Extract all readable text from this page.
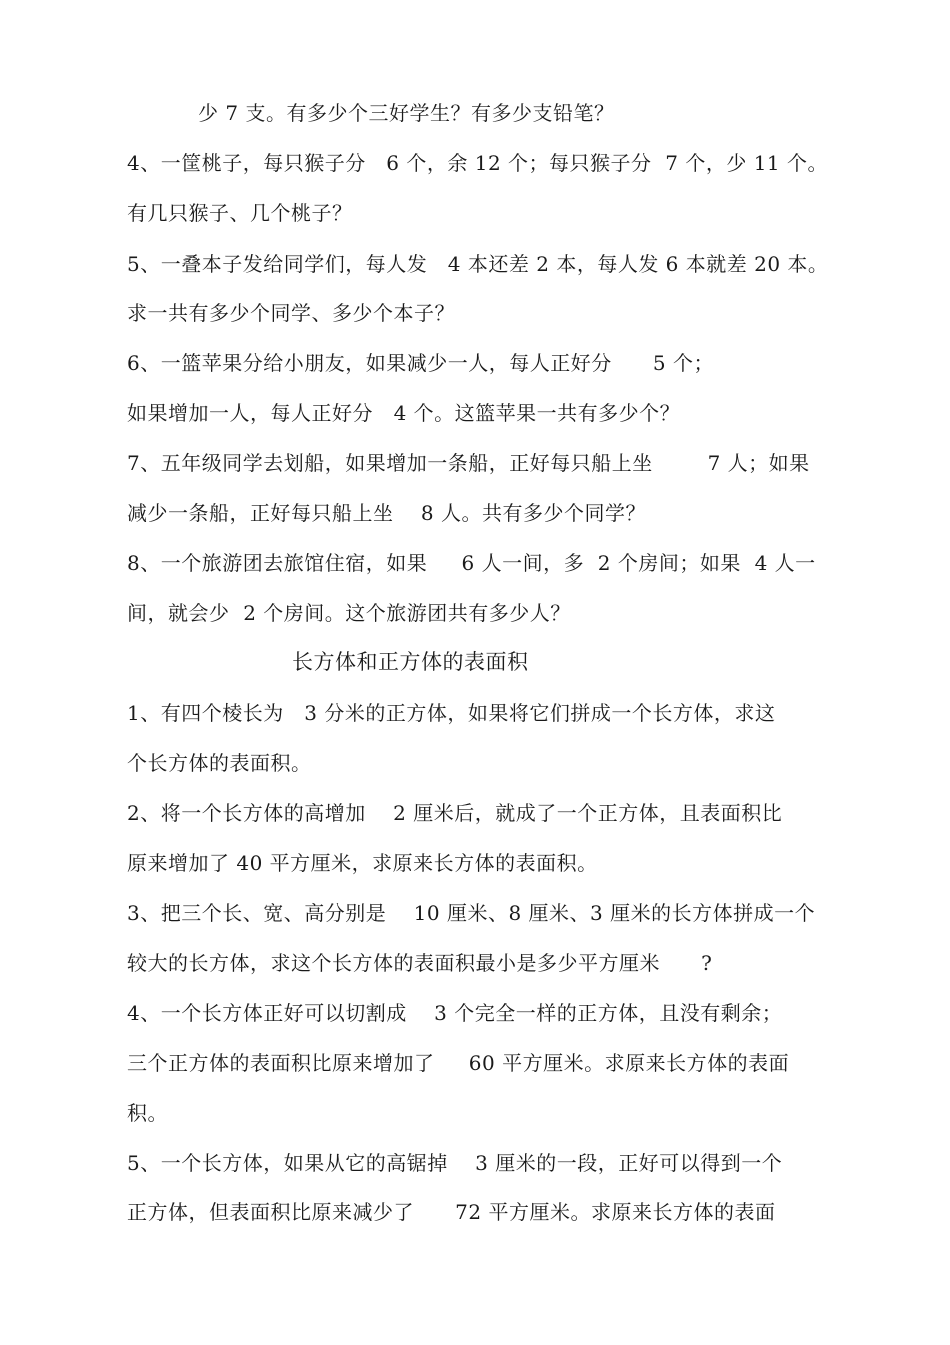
少 7 支。有多少个三好学生？有多少支铅笔？
4、一筐桃子，每只猴子分   6 个，余 12 个；每只猴子分  7 个，少 11 个。
有几只猴子、几个桃子？
5、一叠本子发给同学们，每人发   4 本还差 2 本，每人发 6 本就差 20 本。
求一共有多少个同学、多少个本子？
6、一篮苹果分给小朋友，如果减少一人，每人正好分      5 个；
如果增加一人，每人正好分   4 个。这篮苹果一共有多少个？
7、五年级同学去划船，如果增加一条船，正好每只船上坐        7 人；如果
减少一条船，正好每只船上坐    8 人。共有多少个同学？
8、一个旅游团去旅馆住宿，如果     6 人一间，多  2 个房间；如果  4 人一
间，就会少  2 个房间。这个旅游团共有多少人？
长方体和正方体的表面积
1、有四个棱长为   3 分米的正方体，如果将它们拼成一个长方体，求这
个长方体的表面积。
2、将一个长方体的高增加    2 厘米后，就成了一个正方体，且表面积比
原来增加了 40 平方厘米，求原来长方体的表面积。
3、把三个长、宽、高分别是    10 厘米、8 厘米、3 厘米的长方体拼成一个
较大的长方体，求这个长方体的表面积最小是多少平方厘米      ?
4、一个长方体正好可以切割成    3 个完全一样的正方体，且没有剩余；
三个正方体的表面积比原来增加了     60 平方厘米。求原来长方体的表面
积。
5、一个长方体，如果从它的高锯掉    3 厘米的一段，正好可以得到一个
正方体，但表面积比原来减少了      72 平方厘米。求原来长方体的表面
